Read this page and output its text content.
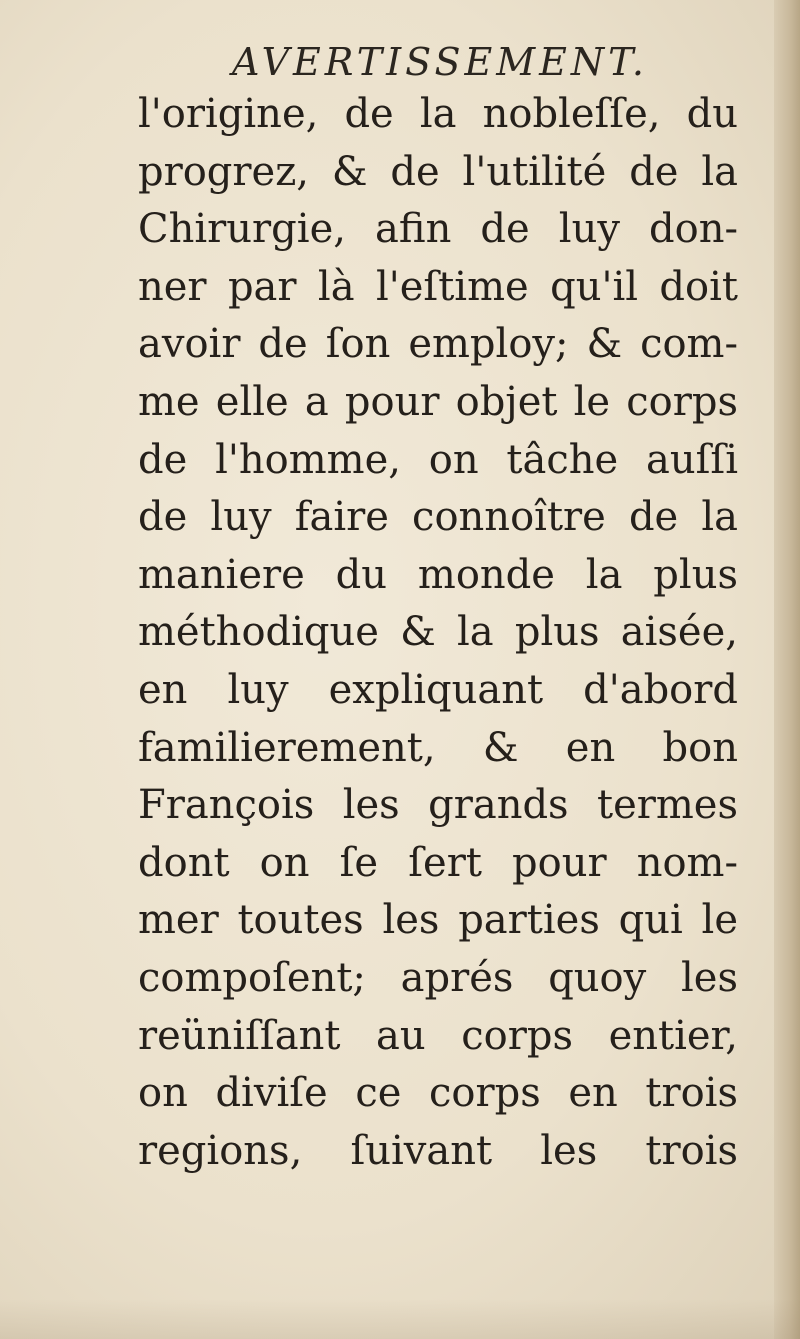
AVERTISSEMENT.
l'origine, de la nobleſſe, du
progrez, & de l'utilité de la
Chirurgie, afin de luy don-
ner par là l'eſtime qu'il doit
avoir de ſon employ; & com-
me elle a pour objet le corps
de l'homme, on tâche auſſi
de luy faire connoître de la
maniere du monde la plus
méthodique & la plus aisée,
en luy expliquant d'abord
familierement, & en bon
François les grands termes
dont on ſe ſert pour nom-
mer toutes les parties qui le
compoſent; aprés quoy les
reüniſſant au corps entier,
on diviſe ce corps en trois
regions, ſuivant les trois
